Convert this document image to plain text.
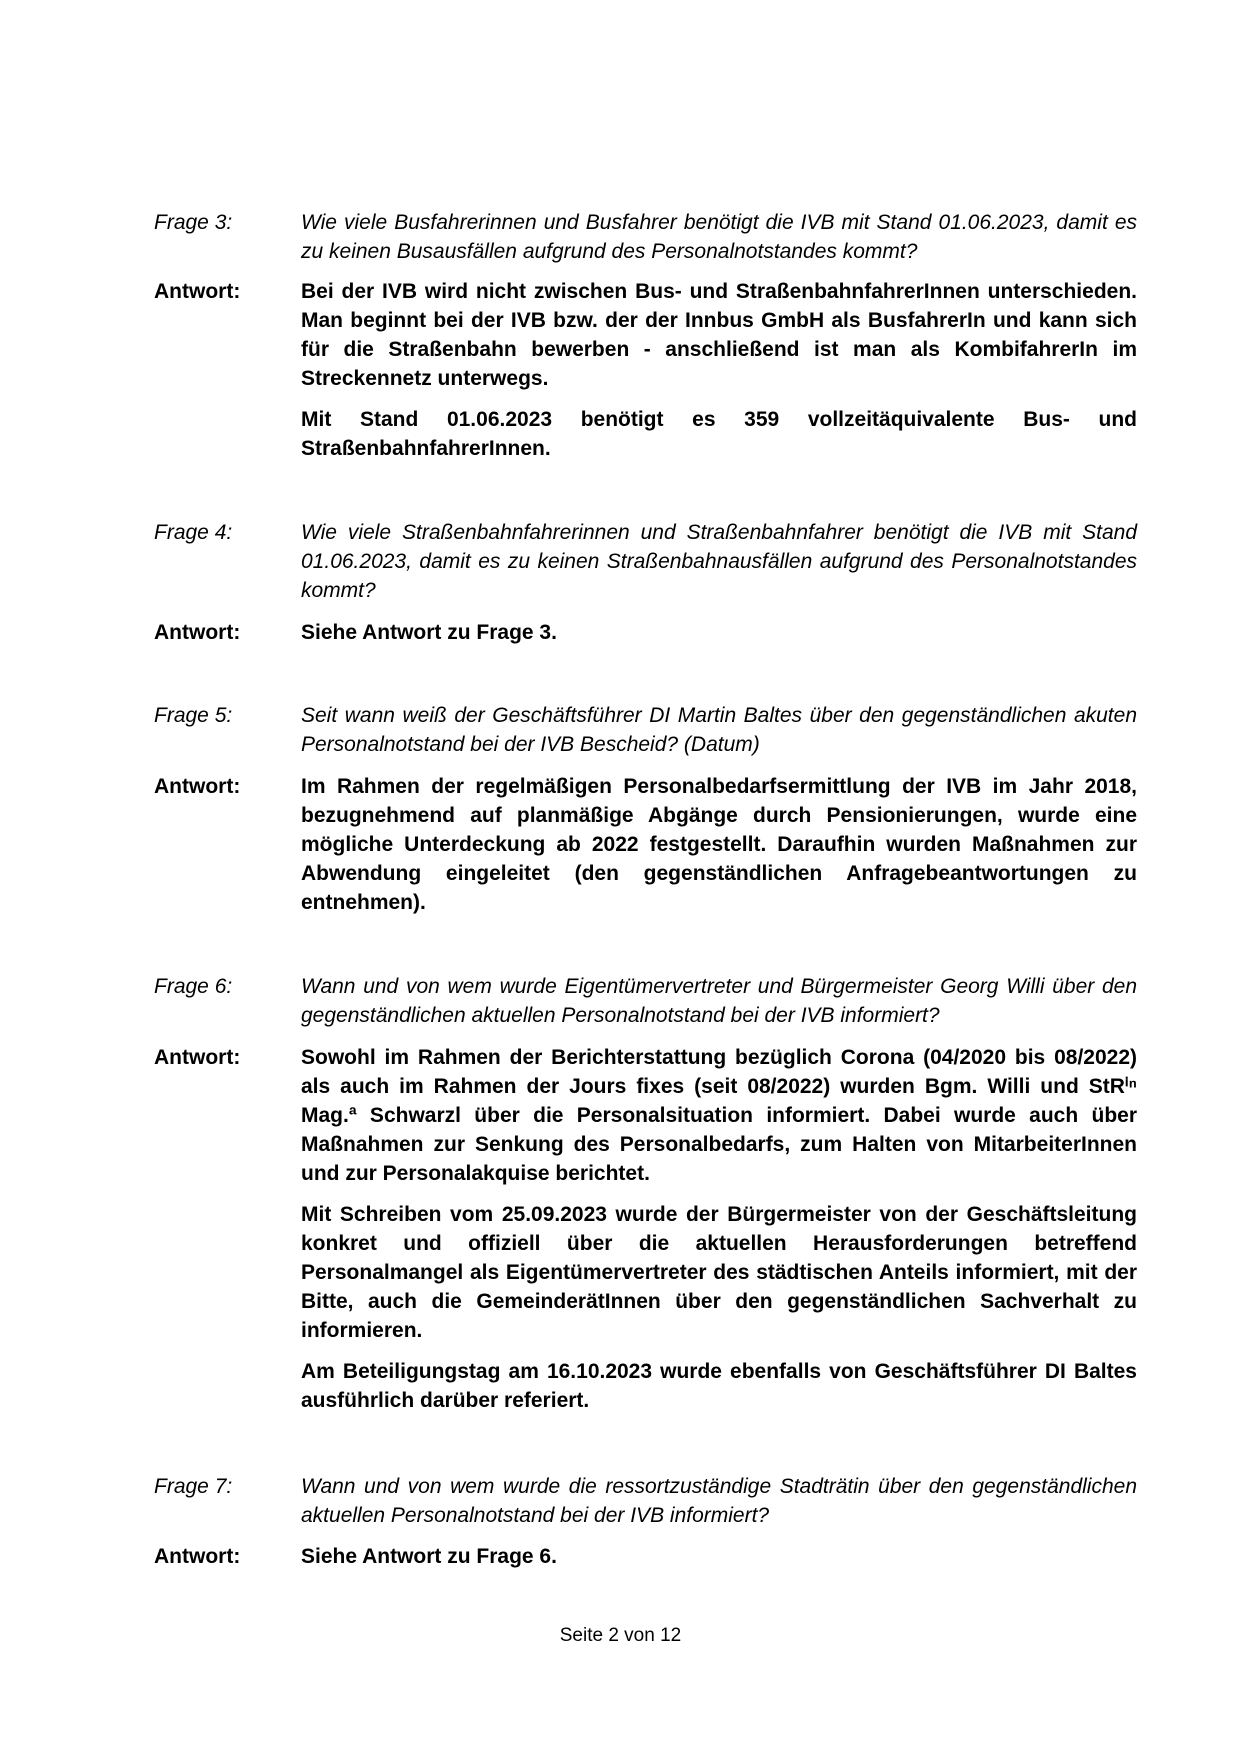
Frage 3:	Wie viele Busfahrerinnen und Busfahrer benötigt die IVB mit Stand 01.06.2023, damit es zu keinen Busausfällen aufgrund des Personalnotstandes kommt?

Antwort:	Bei der IVB wird nicht zwischen Bus- und StraßenbahnfahrerInnen unterschieden. Man beginnt bei der IVB bzw. der der Innbus GmbH als BusfahrerIn und kann sich für die Straßenbahn bewerben - anschließend ist man als KombifahrerIn im Streckennetz unterwegs.

Mit Stand 01.06.2023 benötigt es 359 vollzeitäquivalente Bus- und StraßenbahnfahrerInnen.

Frage 4:	Wie viele Straßenbahnfahrerinnen und Straßenbahnfahrer benötigt die IVB mit Stand 01.06.2023, damit es zu keinen Straßenbahnausfällen aufgrund des Personalnotstandes kommt?

Antwort:	Siehe Antwort zu Frage 3.

Frage 5:	Seit wann weiß der Geschäftsführer DI Martin Baltes über den gegenständlichen akuten Personalnotstand bei der IVB Bescheid? (Datum)

Antwort:	Im Rahmen der regelmäßigen Personalbedarfsermittlung der IVB im Jahr 2018, bezugnehmend auf planmäßige Abgänge durch Pensionierungen, wurde eine mögliche Unterdeckung ab 2022 festgestellt. Daraufhin wurden Maßnahmen zur Abwendung eingeleitet (den gegenständlichen Anfragebeantwortungen zu entnehmen).

Frage 6:	Wann und von wem wurde Eigentümervertreter und Bürgermeister Georg Willi über den gegenständlichen aktuellen Personalnotstand bei der IVB informiert?

Antwort:	Sowohl im Rahmen der Berichterstattung bezüglich Corona (04/2020 bis 08/2022) als auch im Rahmen der Jours fixes (seit 08/2022) wurden Bgm. Willi und StRⁱⁿ Mag.ª Schwarzl über die Personalsituation informiert. Dabei wurde auch über Maßnahmen zur Senkung des Personalbedarfs, zum Halten von MitarbeiterInnen und zur Personalakquise berichtet.

Mit Schreiben vom 25.09.2023 wurde der Bürgermeister von der Geschäftsleitung konkret und offiziell über die aktuellen Herausforderungen betreffend Personalmangel als Eigentümervertreter des städtischen Anteils informiert, mit der Bitte, auch die GemeinderätInnen über den gegenständlichen Sachverhalt zu informieren.

Am Beteiligungstag am 16.10.2023 wurde ebenfalls von Geschäftsführer DI Baltes ausführlich darüber referiert.

Frage 7:	Wann und von wem wurde die ressortzuständige Stadträtin über den gegenständlichen aktuellen Personalnotstand bei der IVB informiert?

Antwort:	Siehe Antwort zu Frage 6.

Seite 2 von 12
